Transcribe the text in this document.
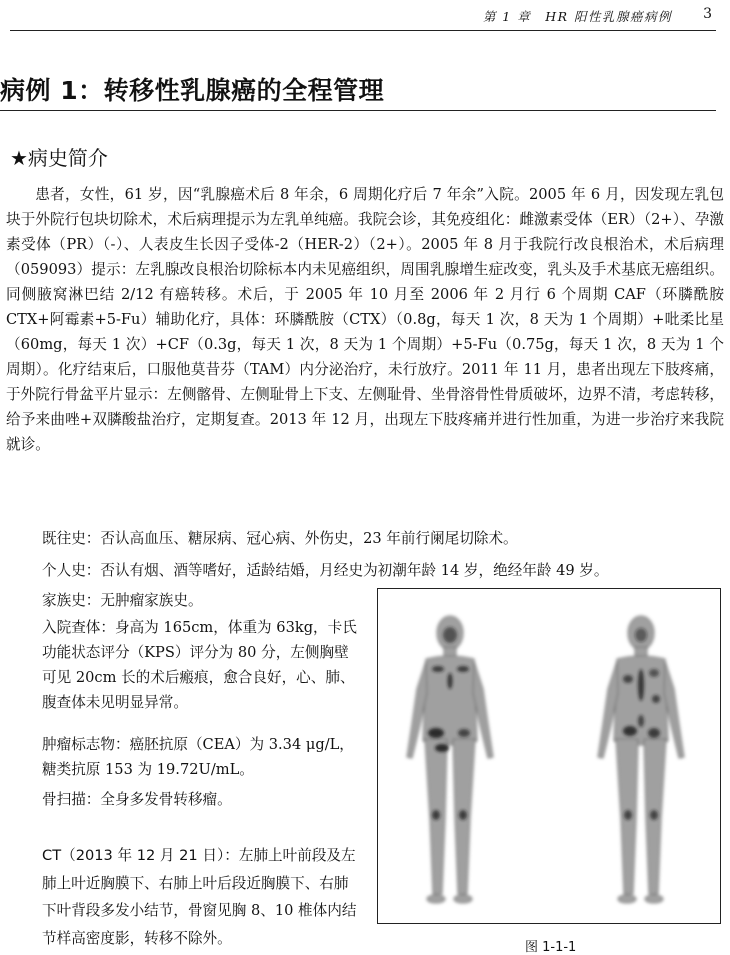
第 1 章　HR 阳性乳腺癌病例 3
病例 1：转移性乳腺癌的全程管理
★病史简介

患者，女性，61 岁，因“乳腺癌术后 8 年余，6 周期化疗后 7 年余”入院。2005 年 6 月，因发现左乳包块于外院行包块切除术，术后病理提示为左乳单纯癌。我院会诊，其免疫组化：雌激素受体（ER）（2+）、孕激素受体（PR）（-）、人表皮生长因子受体-2（HER-2）（2+）。2005 年 8 月于我院行改良根治术，术后病理（059093）提示：左乳腺改良根治切除标本内未见癌组织，周围乳腺增生症改变，乳头及手术基底无癌组织。同侧腋窝淋巴结 2/12 有癌转移。术后，于 2005 年 10 月至 2006 年 2 月行 6 个周期 CAF（环膦酰胺 CTX+阿霉素+5-Fu）辅助化疗，具体：环膦酰胺（CTX）（0.8g，每天 1 次，8 天为 1 个周期）+吡柔比星（60mg，每天 1 次）+CF（0.3g，每天 1 次，8 天为 1 个周期）+5-Fu（0.75g，每天 1 次，8 天为 1 个周期）。化疗结束后，口服他莫昔芬（TAM）内分泌治疗，未行放疗。2011 年 11 月，患者出现左下肢疼痛，于外院行骨盆平片显示：左侧髂骨、左侧耻骨上下支、左侧耻骨、坐骨溶骨性骨质破坏，边界不清，考虑转移，给予来曲唑+双膦酸盐治疗，定期复查。2013 年 12 月，出现左下肢疼痛并进行性加重，为进一步治疗来我院就诊。

既往史：否认高血压、糖尿病、冠心病、外伤史，23 年前行阑尾切除术。

个人史：否认有烟、酒等嗜好，适龄结婚，月经史为初潮年龄 14 岁，绝经年龄 49 岁。

家族史：无肿瘤家族史。

入院查体：身高为 165cm，体重为 63kg，卡氏功能状态评分（KPS）评分为 80 分，左侧胸壁可见 20cm 长的术后瘢痕，愈合良好，心、肺、腹查体未见明显异常。

肿瘤标志物：癌胚抗原（CEA）为 3.34 μg/L，糖类抗原 153 为 19.72U/mL。

骨扫描：全身多发骨转移瘤。

CT（2013 年 12 月 21 日）：左肺上叶前段及左肺上叶近胸膜下、右肺上叶后段近胸膜下、右肺下叶背段多发小结节，骨窗见胸 8、10 椎体内结节样高密度影，转移不除外。

图 1-1-1
